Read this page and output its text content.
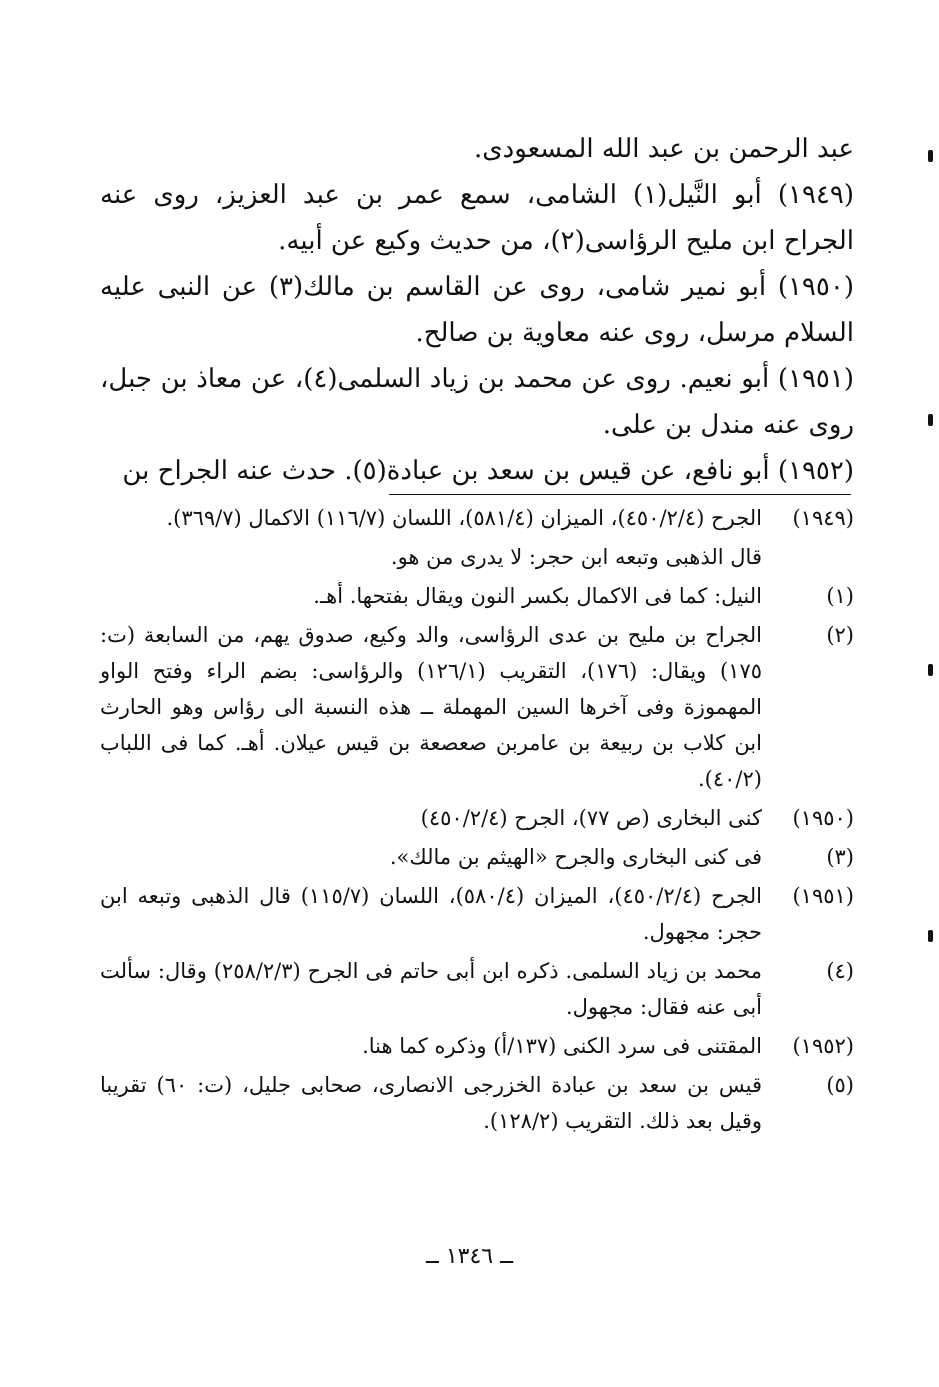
عبد الرحمن بن عبد الله المسعودى.

(١٩٤٩) أبو النَّيل(١) الشامى، سمع عمر بن عبد العزيز، روى عنه الجراح ابن مليح الرؤاسى(٢)، من حديث وكيع عن أبيه.

(١٩٥٠) أبو نمير شامى، روى عن القاسم بن مالك(٣) عن النبى عليه السلام مرسل، روى عنه معاوية بن صالح.

(١٩٥١) أبو نعيم. روى عن محمد بن زياد السلمى(٤)، عن معاذ بن جبل، روى عنه مندل بن على.

(١٩٥٢) أبو نافع، عن قيس بن سعد بن عبادة(٥). حدث عنه الجراح بن

(١٩٤٩)
الجرح (٤٥٠/٢/٤)، الميزان (٥٨١/٤)، اللسان (١١٦/٧) الاكمال (٣٦٩/٧).
قال الذهبى وتبعه ابن حجر: لا يدرى من هو.
(١)
النيل: كما فى الاكمال بكسر النون ويقال بفتحها. أهـ.
(٢)
الجراح بن مليح بن عدى الرؤاسى، والد وكيع، صدوق يهم، من السابعة (ت: ١٧٥) ويقال: (١٧٦)، التقريب (١٢٦/١) والرؤاسى: بضم الراء وفتح الواو المهموزة وفى آخرها السين المهملة ــ هذه النسبة الى رؤاس وهو الحارث ابن كلاب بن ربيعة بن عامربن صعصعة بن قيس عيلان. أهـ. كما فى اللباب (٤٠/٢).
(١٩٥٠)
كنى البخارى (ص ٧٧)، الجرح (٤٥٠/٢/٤)
(٣)
فى كنى البخارى والجرح «الهيثم بن مالك».
(١٩٥١)
الجرح (٤٥٠/٢/٤)، الميزان (٥٨٠/٤)، اللسان (١١٥/٧) قال الذهبى وتبعه ابن حجر: مجهول.
(٤)
محمد بن زياد السلمى. ذكره ابن أبى حاتم فى الجرح (٢٥٨/٢/٣) وقال: سألت أبى عنه فقال: مجهول.
(١٩٥٢)
المقتنى فى سرد الكنى (١٣٧/أ) وذكره كما هنا.
(٥)
قيس بن سعد بن عبادة الخزرجى الانصارى، صحابى جليل، (ت: ٦٠) تقريبا وقيل بعد ذلك. التقريب (١٢٨/٢).
ــ ١٣٤٦ ــ
